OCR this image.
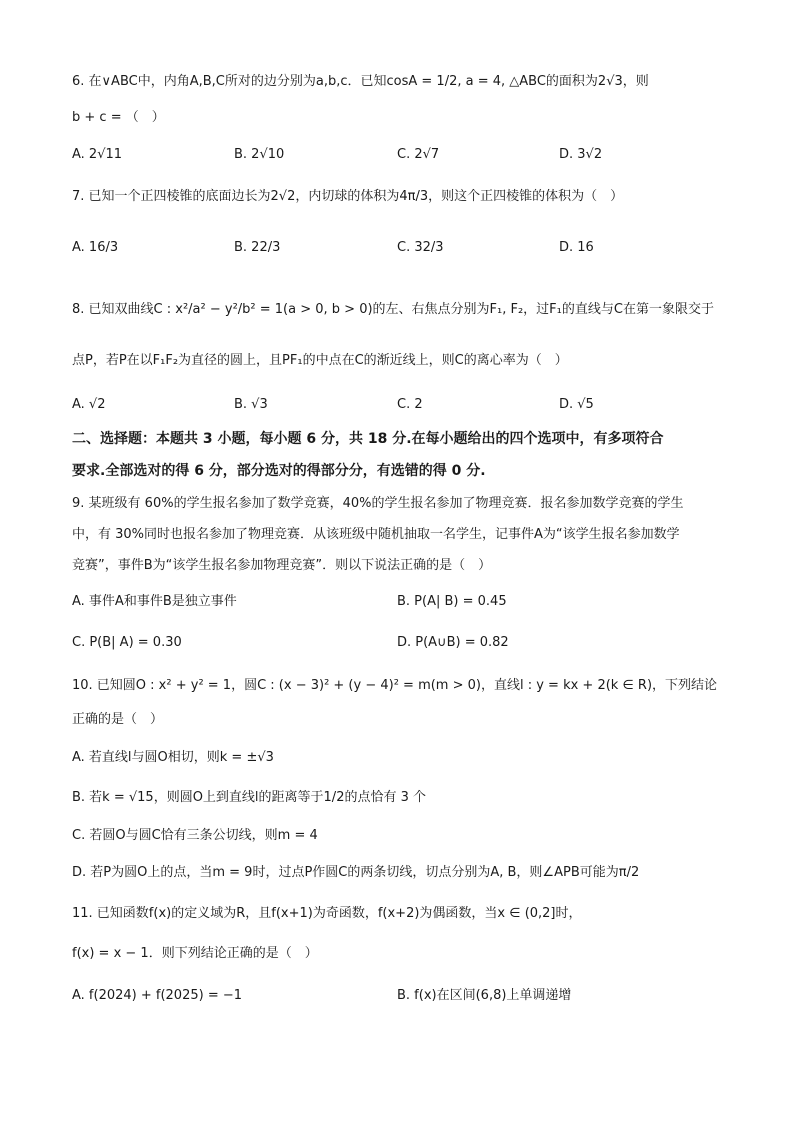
6. 在∨ABC中，内角A,B,C所对的边分别为a,b,c．已知cosA = 1/2, a = 4, △ABC的面积为2√3，则
b + c = （　）
A. 2√11	B. 2√10	C. 2√7	D. 3√2
7. 已知一个正四棱锥的底面边长为2√2，内切球的体积为4π/3，则这个正四棱锥的体积为（　）
A. 16/3	B. 22/3	C. 32/3	D. 16
8. 已知双曲线C : x²/a² − y²/b² = 1(a > 0, b > 0)的左、右焦点分别为F₁, F₂，过F₁的直线与C在第一象限交于
点P，若P在以F₁F₂为直径的圆上，且PF₁的中点在C的渐近线上，则C的离心率为（　）
A. √2	B. √3	C. 2	D. √5
二、选择题：本题共 3 小题，每小题 6 分，共 18 分.在每小题给出的四个选项中，有多项符合
要求.全部选对的得 6 分，部分选对的得部分分，有选错的得 0 分.
9. 某班级有 60%的学生报名参加了数学竞赛，40%的学生报名参加了物理竞赛．报名参加数学竞赛的学生
中，有 30%同时也报名参加了物理竞赛．从该班级中随机抽取一名学生，记事件A为“该学生报名参加数学
竞赛”，事件B为“该学生报名参加物理竞赛”．则以下说法正确的是（　）
A. 事件A和事件B是独立事件	B. P(A| B) = 0.45
C. P(B| A) = 0.30	D. P(A∪B) = 0.82
10. 已知圆O : x² + y² = 1，圆C : (x − 3)² + (y − 4)² = m(m > 0)，直线l : y = kx + 2(k ∈ R)，下列结论
正确的是（　）
A. 若直线l与圆O相切，则k = ±√3
B. 若k = √15，则圆O上到直线l的距离等于1/2的点恰有 3 个
C. 若圆O与圆C恰有三条公切线，则m = 4
D. 若P为圆O上的点，当m = 9时，过点P作圆C的两条切线，切点分别为A, B，则∠APB可能为π/2
11. 已知函数f(x)的定义域为R，且f(x+1)为奇函数，f(x+2)为偶函数，当x ∈ (0,2]时，
f(x) = x − 1．则下列结论正确的是（　）
A. f(2024) + f(2025) = −1	B. f(x)在区间(6,8)上单调递增
